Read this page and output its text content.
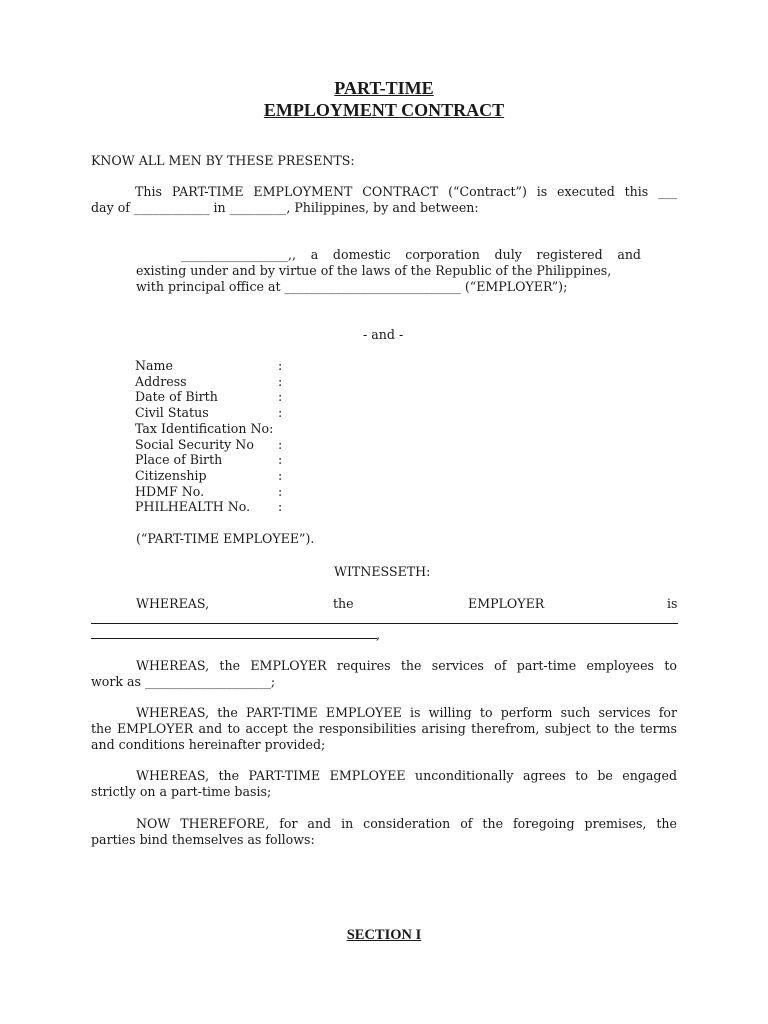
PART-TIME
EMPLOYMENT CONTRACT
KNOW ALL MEN BY THESE PRESENTS:
This PART-TIME EMPLOYMENT CONTRACT (“Contract”) is executed this ___
day of ____________ in _________, Philippines, by and between:
_________________,, a domestic corporation duly registered and
existing under and by virtue of the laws of the Republic of the Philippines,
with principal office at ____________________________ (“EMPLOYER”);
- and -
Name	:
Address	:
Date of Birth	:
Civil Status	:
Tax Identification No:
Social Security No :
Place of Birth	:
Citizenship	:
HDMF No.	:
PHILHEALTH No. :
(“PART-TIME EMPLOYEE”).
WITNESSETH:
WHEREAS,	the	EMPLOYER	is
,
WHEREAS, the EMPLOYER requires the services of part-time employees to
work as ____________________;
WHEREAS, the PART-TIME EMPLOYEE is willing to perform such services for
the EMPLOYER and to accept the responsibilities arising therefrom, subject to the terms
and conditions hereinafter provided;
WHEREAS, the PART-TIME EMPLOYEE unconditionally agrees to be engaged
strictly on a part-time basis;
NOW THEREFORE, for and in consideration of the foregoing premises, the
parties bind themselves as follows:
SECTION I
